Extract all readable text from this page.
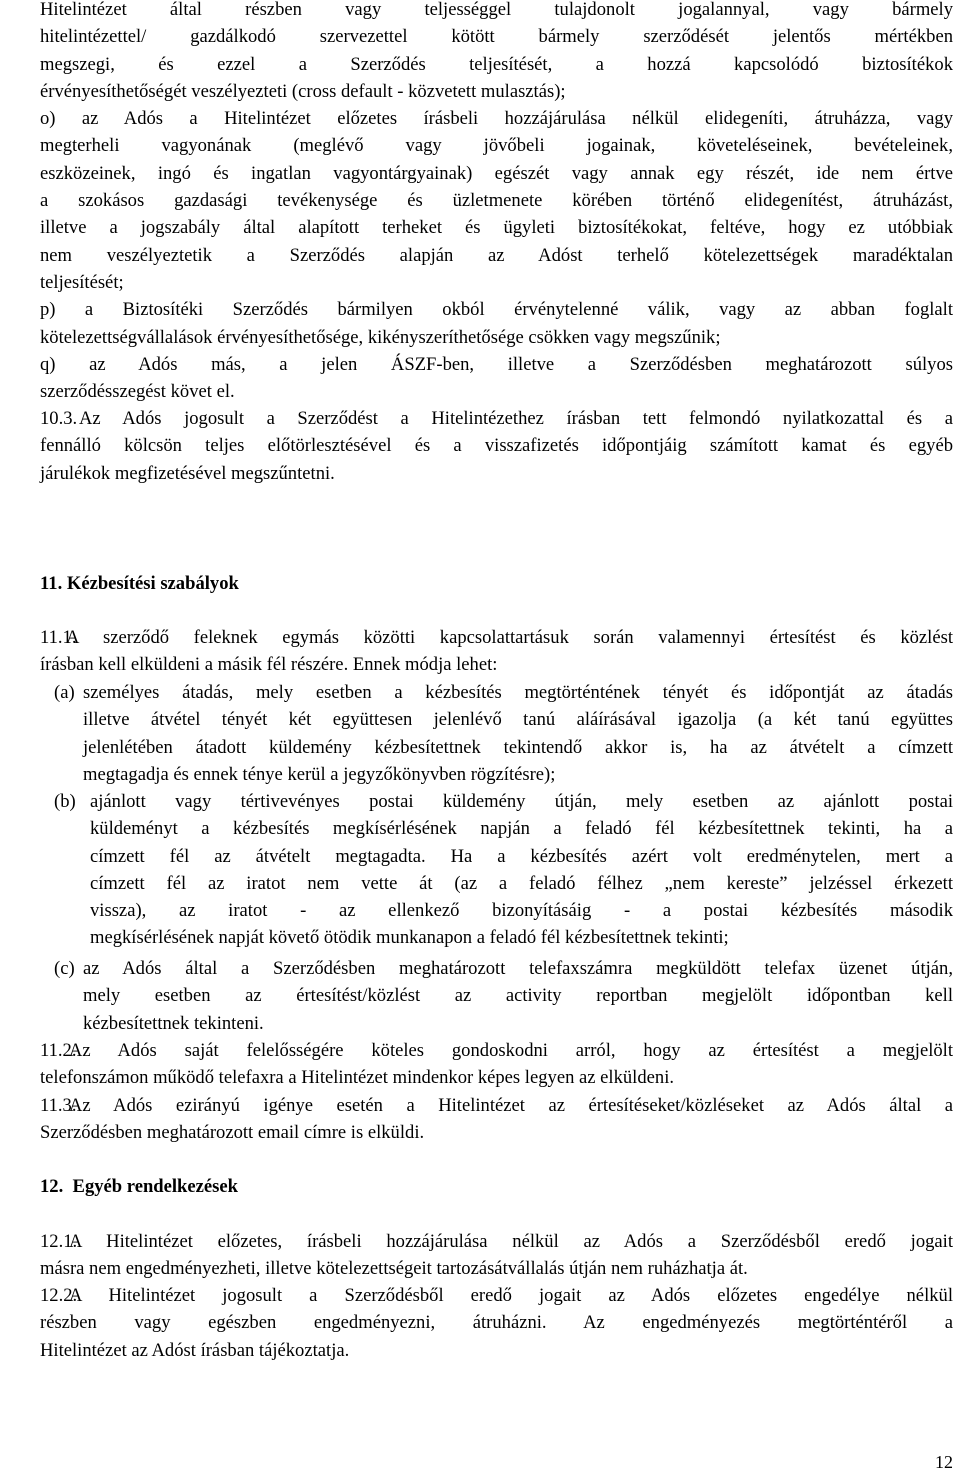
Hitelintézet által részben vagy teljességgel tulajdonolt jogalannyal, vagy bármely

hitelintézettel/ gazdálkodó szervezettel kötött bármely szerződését jelentős mértékben

megszegi, és ezzel a Szerződés teljesítését, a hozzá kapcsolódó biztosítékok

érvényesíthetőségét veszélyezteti (cross default - közvetett mulasztás);

o) az Adós a Hitelintézet előzetes írásbeli hozzájárulása nélkül elidegeníti, átruházza, vagy

megterheli vagyonának (meglévő vagy jövőbeli jogainak, követeléseinek, bevételeinek,

eszközeinek, ingó és ingatlan vagyontárgyainak) egészét vagy annak egy részét, ide nem értve

a szokásos gazdasági tevékenysége és üzletmenete körében történő elidegenítést, átruházást,

illetve a jogszabály által alapított terheket és ügyleti biztosítékokat, feltéve, hogy ez utóbbiak

nem veszélyeztetik a Szerződés alapján az Adóst terhelő kötelezettségek maradéktalan

teljesítését;

p) a Biztosítéki Szerződés bármilyen okból érvénytelenné válik, vagy az abban foglalt

kötelezettségvállalások érvényesíthetősége, kikényszeríthetősége csökken vagy megszűnik;

q) az Adós más, a jelen ÁSZF-ben, illetve a Szerződésben meghatározott súlyos

szerződésszegést követ el.

10.3. Az Adós jogosult a Szerződést a Hitelintézethez írásban tett felmondó nyilatkozattal és a

fennálló kölcsön teljes előtörlesztésével és a visszafizetés időpontjáig számított kamat és egyéb

járulékok megfizetésével megszűntetni.

11. Kézbesítési szabályok
11.1.

A szerződő feleknek egymás közötti kapcsolattartásuk során valamennyi értesítést és közlést

írásban kell elküldeni a másik fél részére. Ennek módja lehet:

(a) személyes átadás, mely esetben a kézbesítés megtörténtének tényét és időpontját az átadás

illetve átvétel tényét két együttesen jelenlévő tanú aláírásával igazolja (a két tanú együttes

jelenlétében átadott küldemény kézbesítettnek tekintendő akkor is, ha az átvételt a címzett

megtagadja és ennek ténye kerül a jegyzőkönyvben rögzítésre);

(b) ajánlott vagy tértivevényes postai küldemény útján, mely esetben az ajánlott postai

küldeményt a kézbesítés megkísérlésének napján a feladó fél kézbesítettnek tekinti, ha a

címzett fél az átvételt megtagadta. Ha a kézbesítés azért volt eredménytelen, mert a

címzett fél az iratot nem vette át (az a feladó félhez „nem kereste” jelzéssel érkezett

vissza), az iratot - az ellenkező bizonyításáig - a postai kézbesítés második

megkísérlésének napját követő ötödik munkanapon a feladó fél kézbesítettnek tekinti;

(c) az Adós által a Szerződésben meghatározott telefaxszámra megküldött telefax üzenet útján,

mely esetben az értesítést/közlést az activity reportban megjelölt időpontban kell

kézbesítettnek tekinteni.

11.2.

Az Adós saját felelősségére köteles gondoskodni arról, hogy az értesítést a megjelölt

telefonszámon működő telefaxra a Hitelintézet mindenkor képes legyen az elküldeni.

11.3.

Az Adós ezirányú igénye esetén a Hitelintézet az értesítéseket/közléseket az Adós által a

Szerződésben meghatározott email címre is elküldi.

12.  Egyéb rendelkezések
12.1.

A Hitelintézet előzetes, írásbeli hozzájárulása nélkül az Adós a Szerződésből eredő jogait

másra nem engedményezheti, illetve kötelezettségeit tartozásátvállalás útján nem ruházhatja át.

12.2.

A Hitelintézet jogosult a Szerződésből eredő jogait az Adós előzetes engedélye nélkül

részben vagy egészben engedményezni, átruházni. Az engedményezés megtörténtéről a

Hitelintézet az Adóst írásban tájékoztatja.

12
